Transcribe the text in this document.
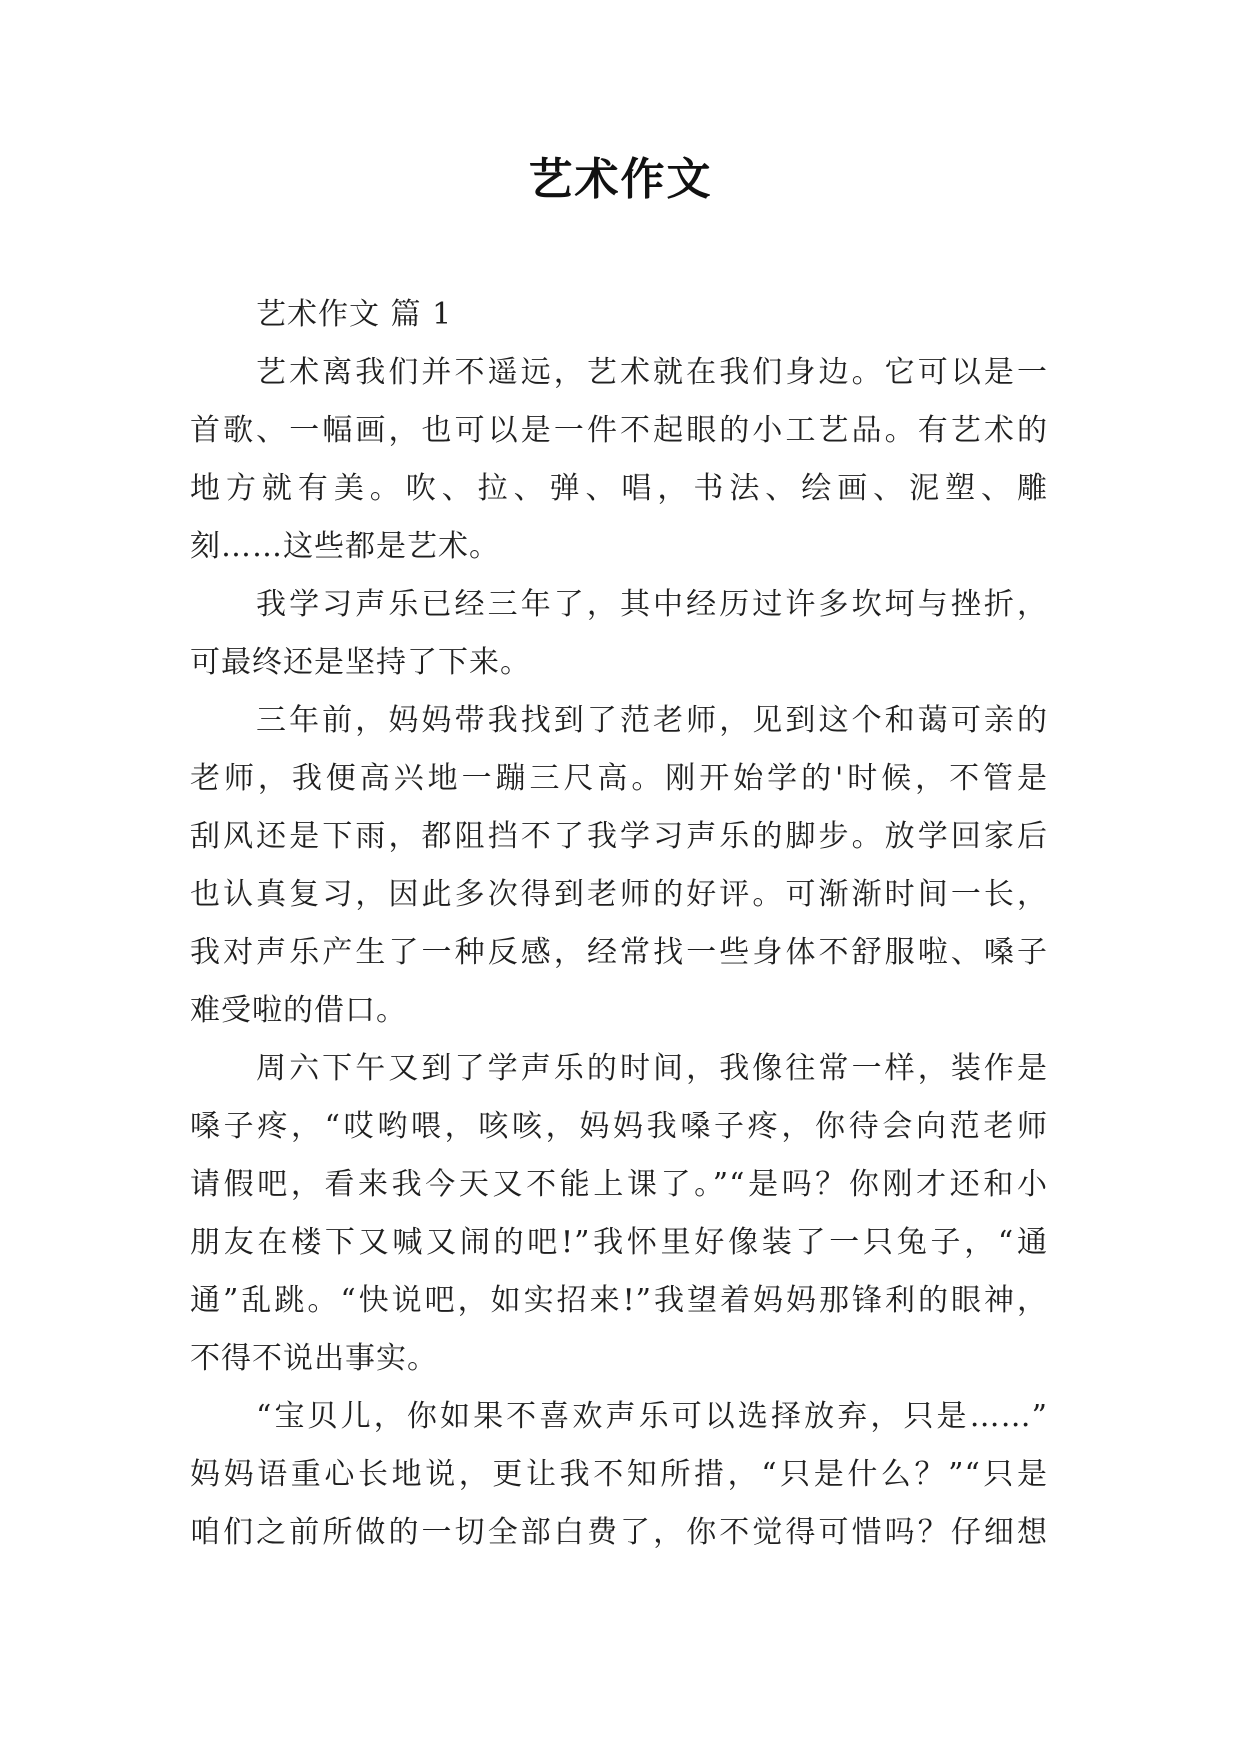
艺术作文
艺术作文 篇 1
艺术离我们并不遥远，艺术就在我们身边。它可以是一
首歌、一幅画，也可以是一件不起眼的小工艺品。有艺术的
地方就有美。吹、拉、弹、唱，书法、绘画、泥塑、雕
刻……这些都是艺术。
我学习声乐已经三年了，其中经历过许多坎坷与挫折，
可最终还是坚持了下来。
三年前，妈妈带我找到了范老师，见到这个和蔼可亲的
老师，我便高兴地一蹦三尺高。刚开始学的'时候，不管是
刮风还是下雨，都阻挡不了我学习声乐的脚步。放学回家后
也认真复习，因此多次得到老师的好评。可渐渐时间一长，
我对声乐产生了一种反感，经常找一些身体不舒服啦、嗓子
难受啦的借口。
周六下午又到了学声乐的时间，我像往常一样，装作是
嗓子疼，“哎哟喂，咳咳，妈妈我嗓子疼，你待会向范老师
请假吧，看来我今天又不能上课了。”“是吗？你刚才还和小
朋友在楼下又喊又闹的吧!”我怀里好像装了一只兔子，“通
通”乱跳。“快说吧，如实招来!”我望着妈妈那锋利的眼神，
不得不说出事实。
“宝贝儿，你如果不喜欢声乐可以选择放弃，只是……”
妈妈语重心长地说，更让我不知所措，“只是什么？”“只是
咱们之前所做的一切全部白费了，你不觉得可惜吗？仔细想
